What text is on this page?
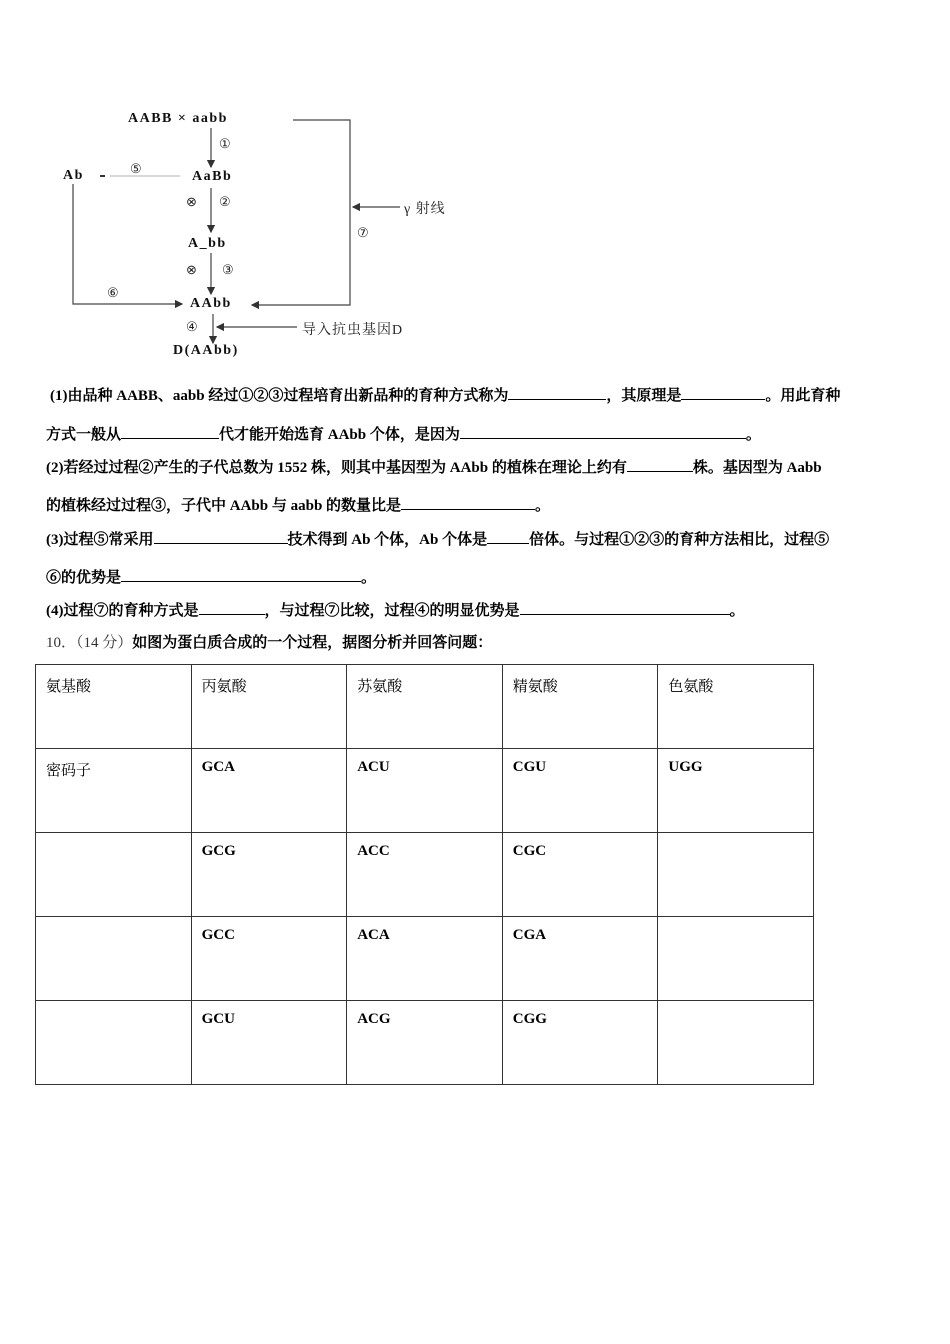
AABB × aabb
AaBb
A_bb
AAbb
Ab
D(AAbb)
①
②
⊗
③
⊗
④
⑤
⑥
⑦
γ 射线
导入抗虫基因D
(1)由品种 AABB、aabb 经过①②③过程培育出新品种的育种方式称为	，其原理是	。用此育种
方式一般从	代才能开始选育 AAbb 个体，是因为	。
(2)若经过过程②产生的子代总数为 1552 株，则其中基因型为 AAbb 的植株在理论上约有	株。基因型为 Aabb
的植株经过过程③，子代中 AAbb 与 aabb 的数量比是	。
(3)过程⑤常采用	技术得到 Ab 个体，Ab 个体是	倍体。与过程①②③的育种方法相比，过程⑤
⑥的优势是	。
(4)过程⑦的育种方式是	，与过程⑦比较，过程④的明显优势是	。
10．（14 分）如图为蛋白质合成的一个过程，据图分析并回答问题：
氨基酸	丙氨酸	苏氨酸	精氨酸	色氨酸
密码子	GCA	ACU	CGU	UGG
	GCG	ACC	CGC	
	GCC	ACA	CGA	
	GCU	ACG	CGG	
